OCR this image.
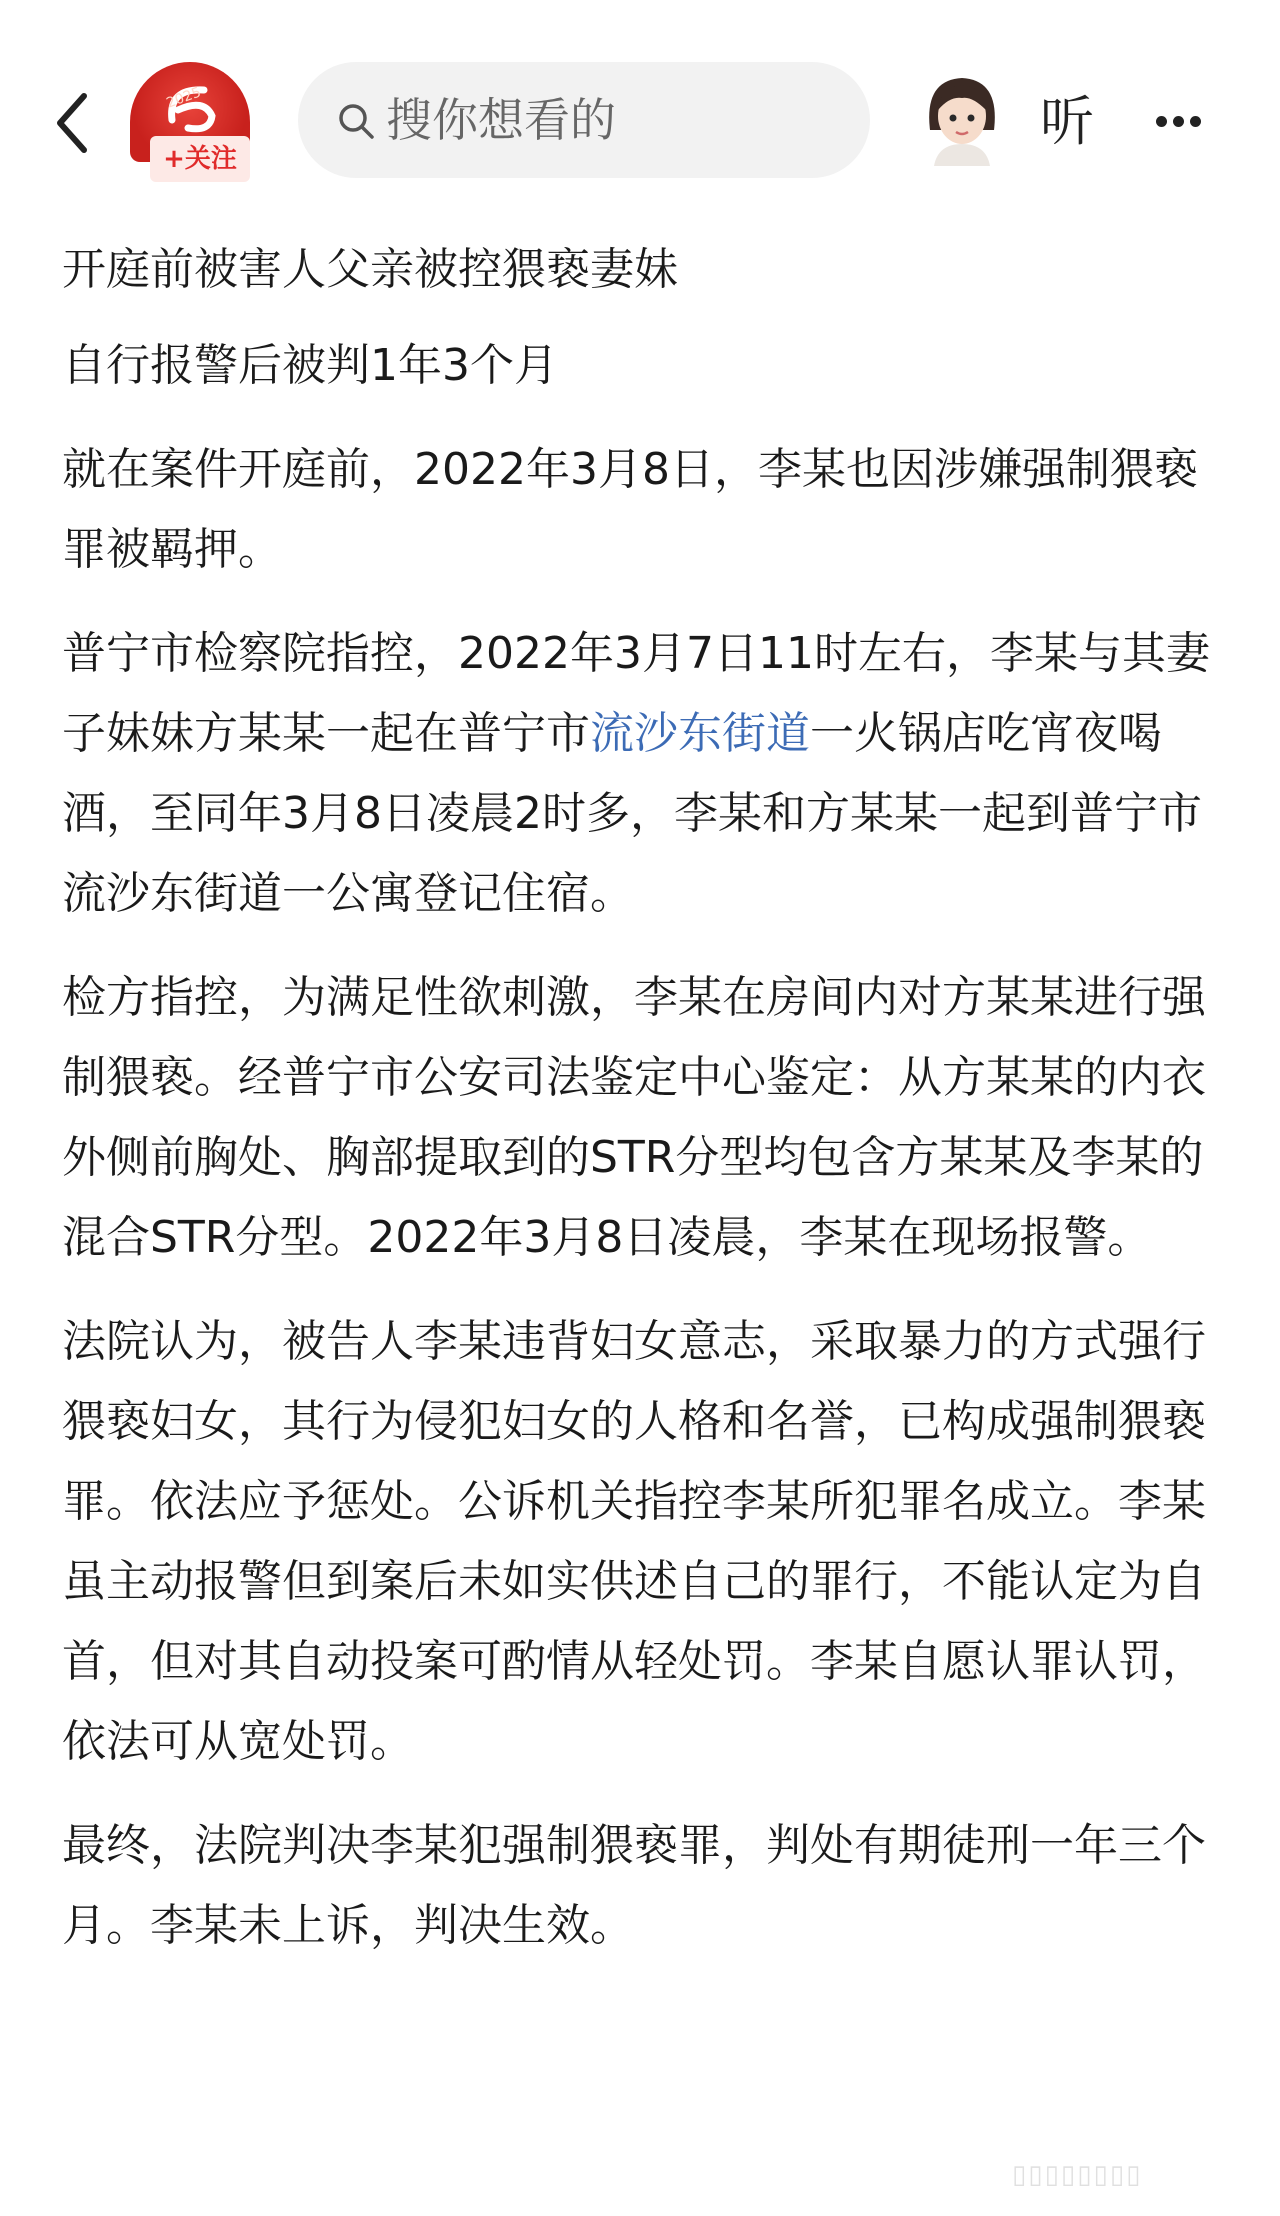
2025
+关注
搜你想看的	听

开庭前被害人父亲被控猥亵妻妹

自行报警后被判1年3个月

就在案件开庭前，2022年3月8日，李某也因涉嫌强制猥亵罪被羁押。

普宁市检察院指控，2022年3月7日11时左右，李某与其妻子妹妹方某某一起在普宁市流沙东街道一火锅店吃宵夜喝酒，至同年3月8日凌晨2时多，李某和方某某一起到普宁市流沙东街道一公寓登记住宿。

检方指控，为满足性欲刺激，李某在房间内对方某某进行强制猥亵。经普宁市公安司法鉴定中心鉴定：从方某某的内衣外侧前胸处、胸部提取到的STR分型均包含方某某及李某的混合STR分型。2022年3月8日凌晨，李某在现场报警。

法院认为，被告人李某违背妇女意志，采取暴力的方式强行猥亵妇女，其行为侵犯妇女的人格和名誉，已构成强制猥亵罪。依法应予惩处。公诉机关指控李某所犯罪名成立。李某虽主动报警但到案后未如实供述自己的罪行，不能认定为自首，但对其自动投案可酌情从轻处罚。李某自愿认罪认罚，依法可从宽处罚。

最终，法院判决李某犯强制猥亵罪，判处有期徒刑一年三个月。李某未上诉，判决生效。

▯▯▯▯▯▯▯▯
